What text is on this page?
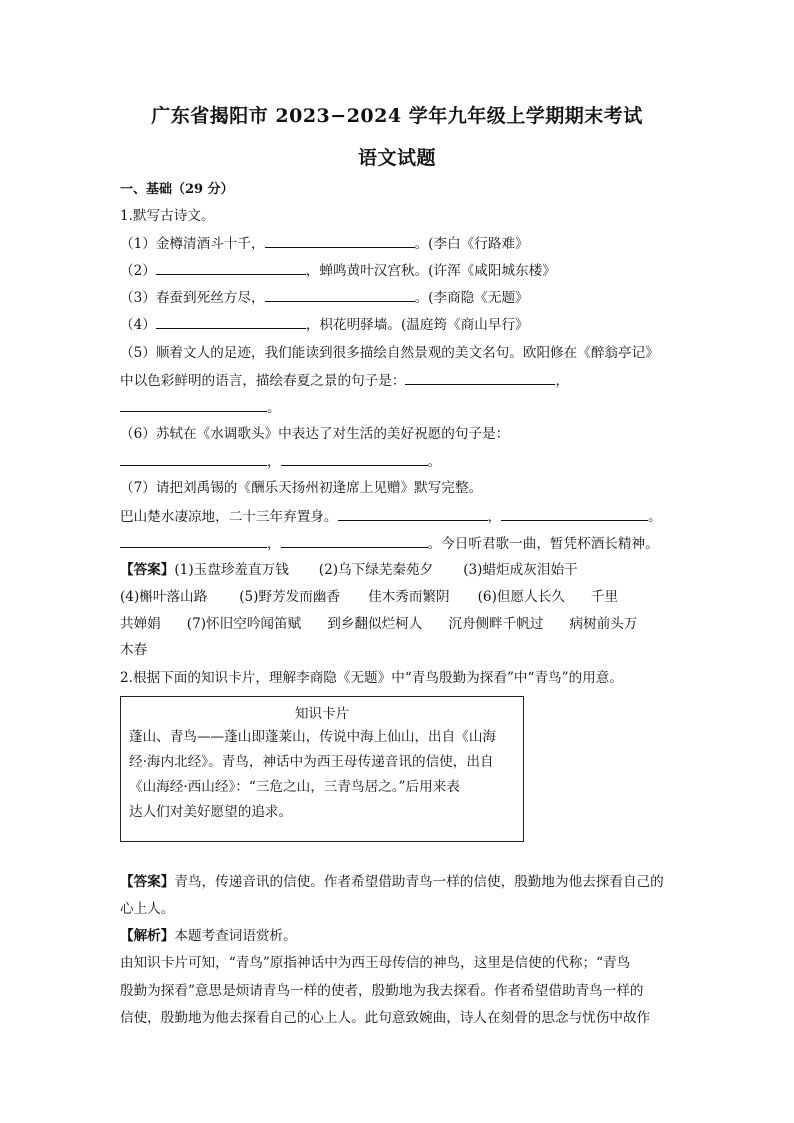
广东省揭阳市 2023−2024 学年九年级上学期期末考试
语文试题
一、基础（29 分）
1.默写古诗文。
（1）金樽清酒斗十千，	。(李白《行路难》
（2）	，蝉鸣黄叶汉宫秋。(许浑《咸阳城东楼》
（3）春蚕到死丝方尽，	。(李商隐《无题》
（4）	，枳花明驿墙。(温庭筠《商山早行》
（5）顺着文人的足迹，我们能读到很多描绘自然景观的美文名句。欧阳修在《醉翁亭记》
中以色彩鲜明的语言，描绘春夏之景的句子是：	，
。
（6）苏轼在《水调歌头》中表达了对生活的美好祝愿的句子是：
，	。
（7）请把刘禹锡的《酬乐天扬州初逢席上见赠》默写完整。
巴山楚水凄凉地，二十三年弃置身。	，	。
，	。今日听君歌一曲，暂凭杯酒长精神。
【答案】(1)玉盘珍羞直万钱 (2)乌下绿芜秦苑夕 (3)蜡炬成灰泪始干
(4)槲叶落山路 (5)野芳发而幽香 佳木秀而繁阴 (6)但愿人长久 千里
共婵娟 (7)怀旧空吟闻笛赋 到乡翻似烂柯人 沉舟侧畔千帆过 病树前头万
木春
2.根据下面的知识卡片，理解李商隐《无题》中“青鸟殷勤为探看”中“青鸟”的用意。
知识卡片
蓬山、青鸟——蓬山即蓬莱山，传说中海上仙山，出自《山海
经·海内北经》。青鸟，神话中为西王母传递音讯的信使，出自
《山海经·西山经》：“三危之山，三青鸟居之。”后用来表
达人们对美好愿望的追求。
【答案】青鸟，传递音讯的信使。作者希望借助青鸟一样的信使，殷勤地为他去探看自己的
心上人。
【解析】本题考查词语赏析。
由知识卡片可知，“青鸟”原指神话中为西王母传信的神鸟，这里是信使的代称；“青鸟
殷勤为探看”意思是烦请青鸟一样的使者，殷勤地为我去探看。作者希望借助青鸟一样的
信使，殷勤地为他去探看自己的心上人。此句意致婉曲，诗人在刻骨的思念与忧伤中故作
